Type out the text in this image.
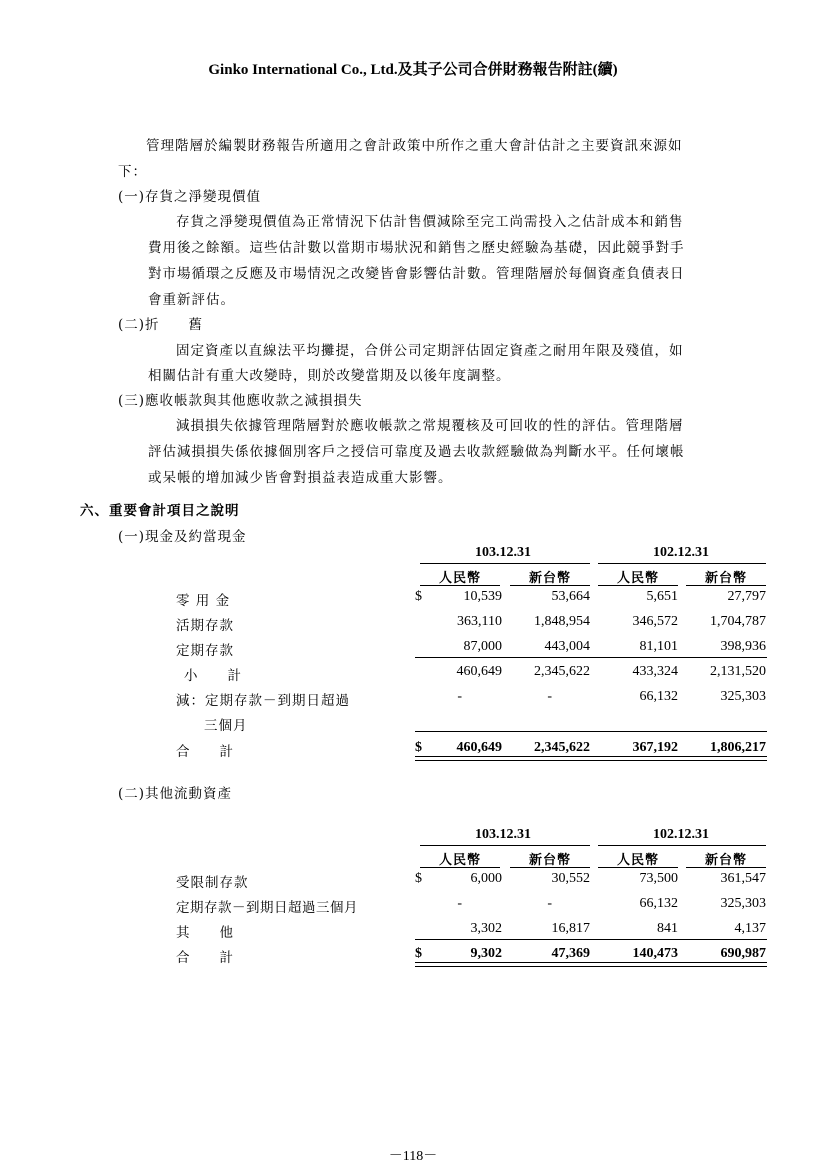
Ginko International Co., Ltd.及其子公司合併財務報告附註(續)
管理階層於編製財務報告所適用之會計政策中所作之重大會計估計之主要資訊來源如
下：
(一)存貨之淨變現價值
存貨之淨變現價值為正常情況下估計售價減除至完工尚需投入之估計成本和銷售
費用後之餘額。這些估計數以當期市場狀況和銷售之歷史經驗為基礎，因此競爭對手
對市場循環之反應及市場情況之改變皆會影響估計數。管理階層於每個資產負債表日
會重新評估。
(二)折　　舊
固定資產以直線法平均攤提，合併公司定期評估固定資產之耐用年限及殘值，如
相關估計有重大改變時，則於改變當期及以後年度調整。
(三)應收帳款與其他應收款之減損損失
減損損失依據管理階層對於應收帳款之常規覆核及可回收的性的評估。管理階層
評估減損損失係依據個別客戶之授信可靠度及過去收款經驗做為判斷水平。任何壞帳
或呆帳的增加減少皆會對損益表造成重大影響。
六、重要會計項目之說明
(一)現金及約當現金
103.12.31	102.12.31
人民幣	新台幣	人民幣	新台幣
零 用 金	$	10,539	53,664	5,651	27,797
活期存款	363,110	1,848,954	346,572	1,704,787
定期存款	87,000	443,004	81,101	398,936
小　　計	460,649	2,345,622	433,324	2,131,520
減：定期存款－到期日超過
三個月
-	-	66,132	325,303
合　　計	$	460,649	2,345,622	367,192	1,806,217
(二)其他流動資產
103.12.31	102.12.31
人民幣	新台幣	人民幣	新台幣
受限制存款	$	6,000	30,552	73,500	361,547
定期存款－到期日超過三個月	-	-	66,132	325,303
其　　他	3,302	16,817	841	4,137
合　　計	$	9,302	47,369	140,473	690,987
－118－
